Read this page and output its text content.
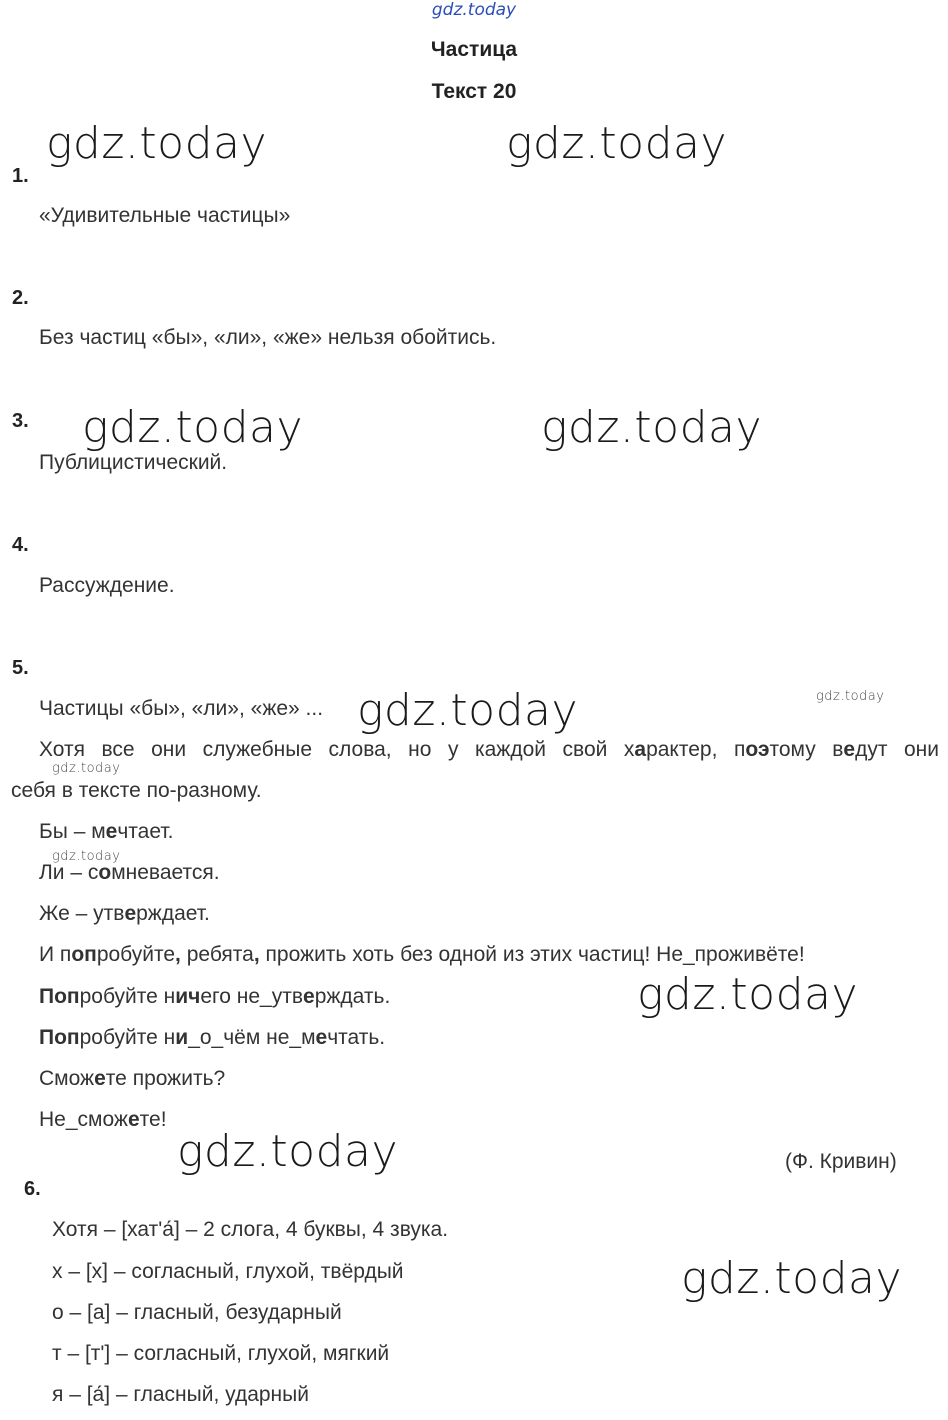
gdz.today
Частица
Текст 20
gdz.today	gdz.today
1.
«Удивительные частицы»
2.
Без частиц «бы», «ли», «же» нельзя обойтись.
3. gdz.today	gdz.today
Публицистический.
4.
Рассуждение.
5.
gdz.today
Частицы «бы», «ли», «же» ... gdz.today
Хотя все они служебные слова, но у каждой свой характер, поэтому ведут они
gdz.today
себя в тексте по-разному.
Бы – мечтает.
gdz.today
Ли – сомневается.
Же – утверждает.
И попробуйте, ребята, прожить хоть без одной из этих частиц! Не_проживёте!
gdz.today
Попробуйте ничего не_утверждать.
Попробуйте ни_о_чём не_мечтать.
Сможете прожить?
Не_сможете!
gdz.today	(Ф. Кривин)
6.
Хотя – [хат'а́] – 2 слога, 4 буквы, 4 звука.
х – [х] – согласный, глухой, твёрдый	gdz.today
о – [а] – гласный, безударный
т – [т'] – согласный, глухой, мягкий
я – [а́] – гласный, ударный
